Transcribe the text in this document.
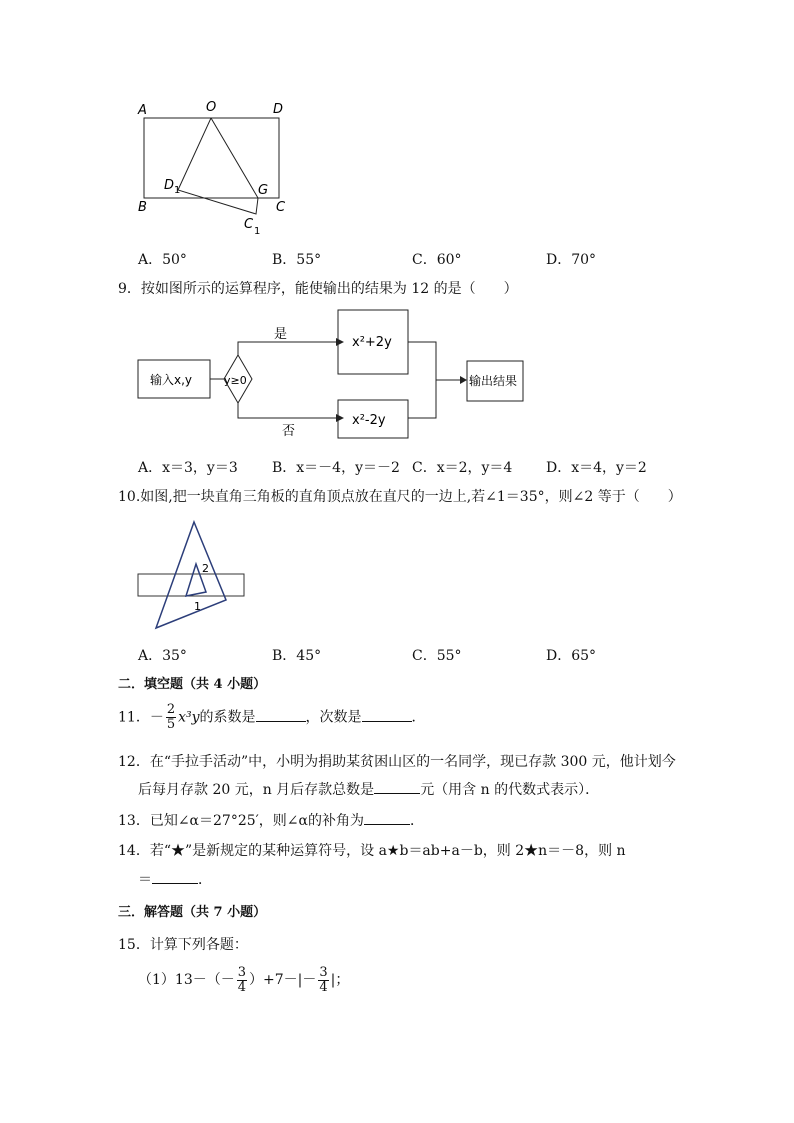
A	O	D
B	C
G
D 1
C 1
A．50°	B．55°	C．60°	D．70°
9．按如图所示的运算程序，能使输出的结果为 12 的是（　　）
输入x,y	y≥0
是
否
x²+2y
x²-2y
输出结果
A．x＝3，y＝3 B．x＝－4，y＝－2 C．x＝2，y＝4 D．x＝4，y＝2
10.如图,把一块直角三角板的直角顶点放在直尺的一边上,若∠1＝35°，则∠2 等于（　　）
2
1
A．35°	B．45°	C．55°	D．65°
二．填空题（共 4 小题）
11．－ $\frac{2}{5} x^3y$的系数是	，次数是	．
12．在“手拉手活动”中，小明为捐助某贫困山区的一名同学，现已存款 300 元，他计划今
后每月存款 20 元，n 月后存款总数是	元（用含 n 的代数式表示）．
13．已知∠α＝27°25′，则∠α的补角为	．
14．若“★”是新规定的某种运算符号，设 a★b＝ab+a－b，则 2★n＝－8，则 n
＝	．
三．解答题（共 7 小题）
15．计算下列各题：
$(1)13-(- \frac{3}{4} )+7-|- \frac{3}{4}$ |；
